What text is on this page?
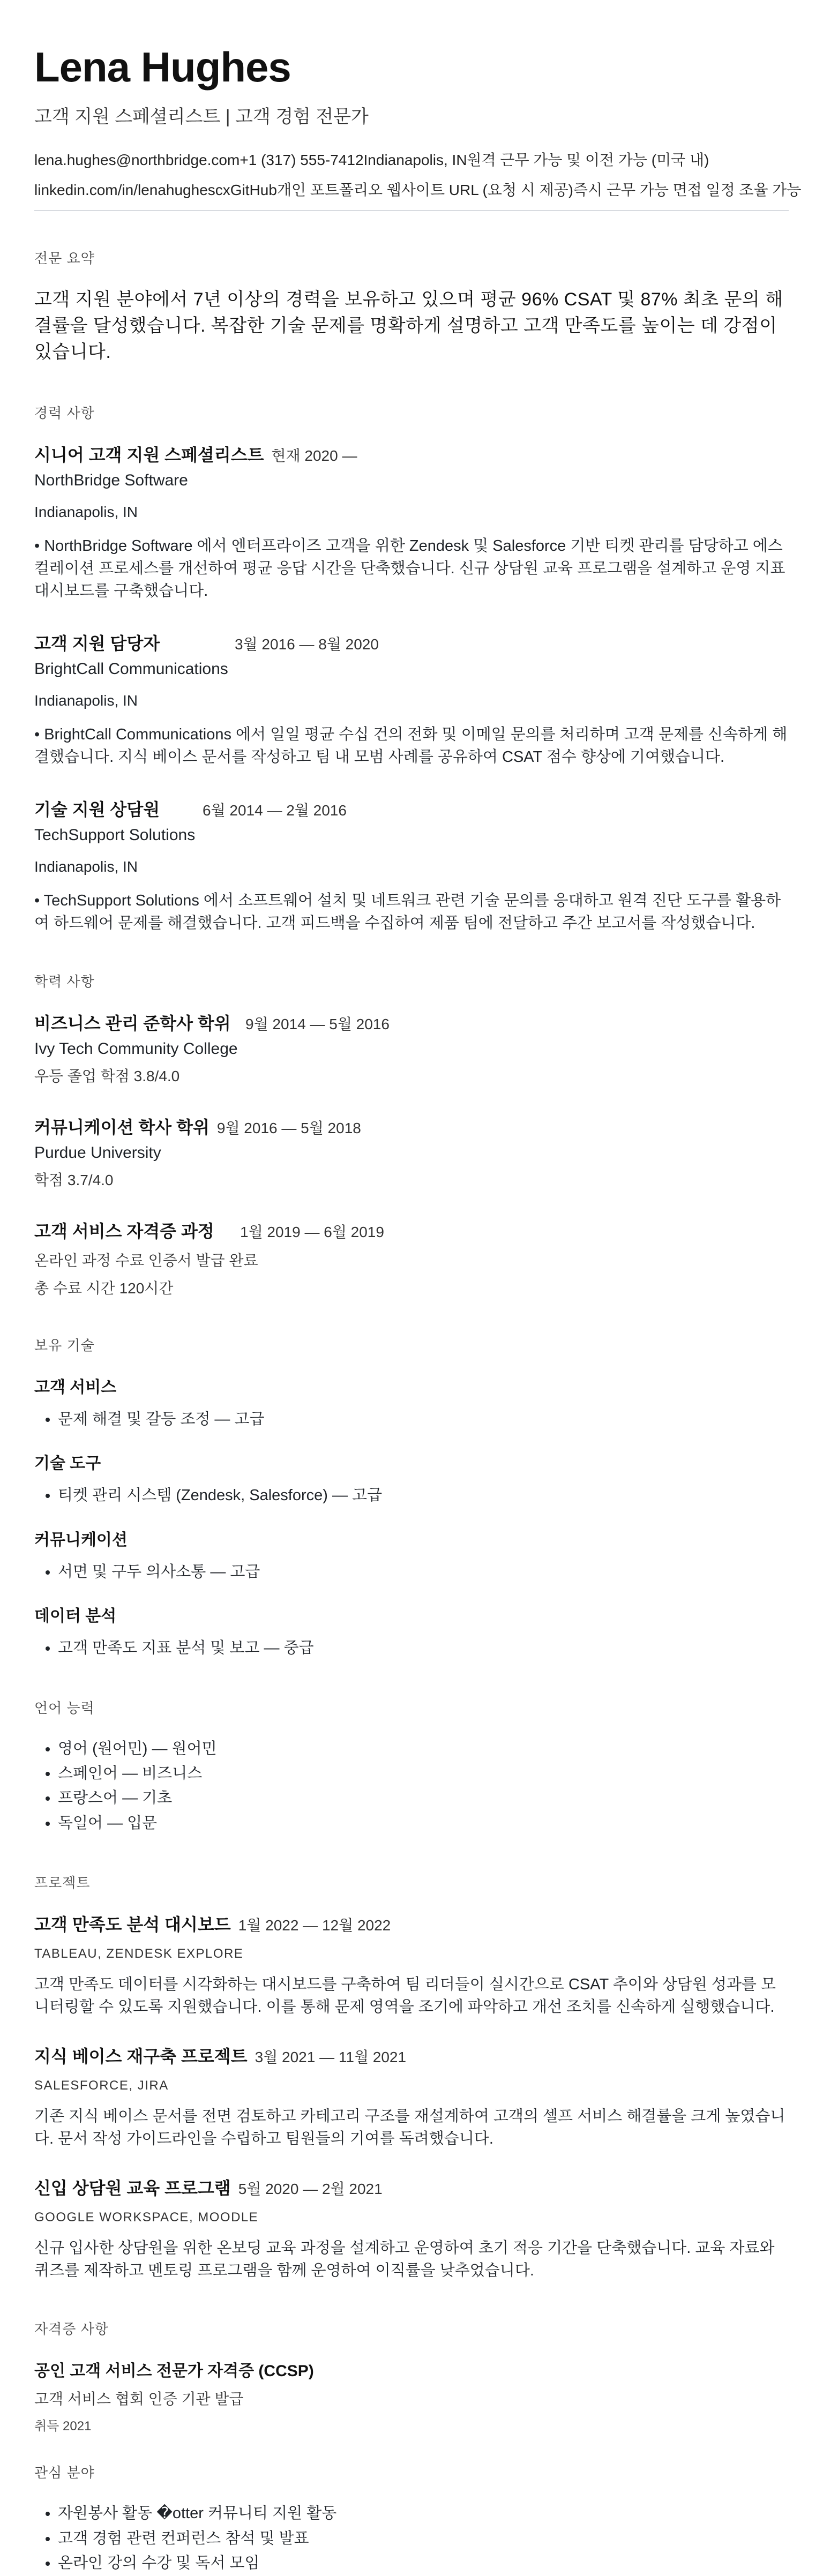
Lena Hughes
고객 지원 스페셜리스트 | 고객 경험 전문가
lena.hughes@northbridge.com+1 (317) 555-7412Indianapolis, IN원격 근무 가능 및 이전 가능 (미국 내)
linkedin.com/in/lenahughescxGitHub개인 포트폴리오 웹사이트 URL (요청 시 제공)즉시 근무 가능 면접 일정 조율 가능
전문 요약
고객 지원 분야에서 7년 이상의 경력을 보유하고 있으며 평균 96% CSAT 및 87% 최초 문의 해결률을 달성했습니다. 복잡한 기술 문제를 명확하게 설명하고 고객 만족도를 높이는 데 강점이 있습니다.
경력 사항
시니어 고객 지원 스페셜리스트 현재 2020 —
NorthBridge Software
Indianapolis, IN
• NorthBridge Software 에서 엔터프라이즈 고객을 위한 Zendesk 및 Salesforce 기반 티켓 관리를 담당하고 에스컬레이션 프로세스를 개선하여 평균 응답 시간을 단축했습니다. 신규 상담원 교육 프로그램을 설계하고 운영 지표 대시보드를 구축했습니다.
고객 지원 담당자	3월 2016 — 8월 2020
BrightCall Communications
Indianapolis, IN
• BrightCall Communications 에서 일일 평균 수십 건의 전화 및 이메일 문의를 처리하며 고객 문제를 신속하게 해결했습니다. 지식 베이스 문서를 작성하고 팀 내 모범 사례를 공유하여 CSAT 점수 향상에 기여했습니다.
기술 지원 상담원	6월 2014 — 2월 2016
TechSupport Solutions
Indianapolis, IN
• TechSupport Solutions 에서 소프트웨어 설치 및 네트워크 관련 기술 문의를 응대하고 원격 진단 도구를 활용하여 하드웨어 문제를 해결했습니다. 고객 피드백을 수집하여 제품 팀에 전달하고 주간 보고서를 작성했습니다.
학력 사항
비즈니스 관리 준학사 학위 9월 2014 — 5월 2016
Ivy Tech Community College
우등 졸업 학점 3.8/4.0
커뮤니케이션 학사 학위 9월 2016 — 5월 2018
Purdue University
학점 3.7/4.0
고객 서비스 자격증 과정	1월 2019 — 6월 2019
온라인 과정 수료 인증서 발급 완료
총 수료 시간 120시간
보유 기술
고객 서비스
• 문제 해결 및 갈등 조정 — 고급
기술 도구
• 티켓 관리 시스템 (Zendesk, Salesforce) — 고급
커뮤니케이션
• 서면 및 구두 의사소통 — 고급
데이터 분석
• 고객 만족도 지표 분석 및 보고 — 중급
언어 능력
• 영어 (원어민) — 원어민
• 스페인어 — 비즈니스
• 프랑스어 — 기초
• 독일어 — 입문
프로젝트
고객 만족도 분석 대시보드 1월 2022 — 12월 2022
TABLEAU, ZENDESK EXPLORE
고객 만족도 데이터를 시각화하는 대시보드를 구축하여 팀 리더들이 실시간으로 CSAT 추이와 상담원 성과를 모니터링할 수 있도록 지원했습니다. 이를 통해 문제 영역을 조기에 파악하고 개선 조치를 신속하게 실행했습니다.
지식 베이스 재구축 프로젝트 3월 2021 — 11월 2021
SALESFORCE, JIRA
기존 지식 베이스 문서를 전면 검토하고 카테고리 구조를 재설계하여 고객의 셀프 서비스 해결률을 크게 높였습니다. 문서 작성 가이드라인을 수립하고 팀원들의 기여를 독려했습니다.
신입 상담원 교육 프로그램 5월 2020 — 2월 2021
GOOGLE WORKSPACE, MOODLE
신규 입사한 상담원을 위한 온보딩 교육 과정을 설계하고 운영하여 초기 적응 기간을 단축했습니다. 교육 자료와 퀴즈를 제작하고 멘토링 프로그램을 함께 운영하여 이직률을 낮추었습니다.
자격증 사항
공인 고객 서비스 전문가 자격증 (CCSP)
고객 서비스 협회 인증 기관 발급
취득 2021
관심 분야
• 자원봉사 활동 �otter 커뮤니티 지원 활동
• 고객 경험 관련 컨퍼런스 참석 및 발표
• 온라인 강의 수강 및 독서 모임
